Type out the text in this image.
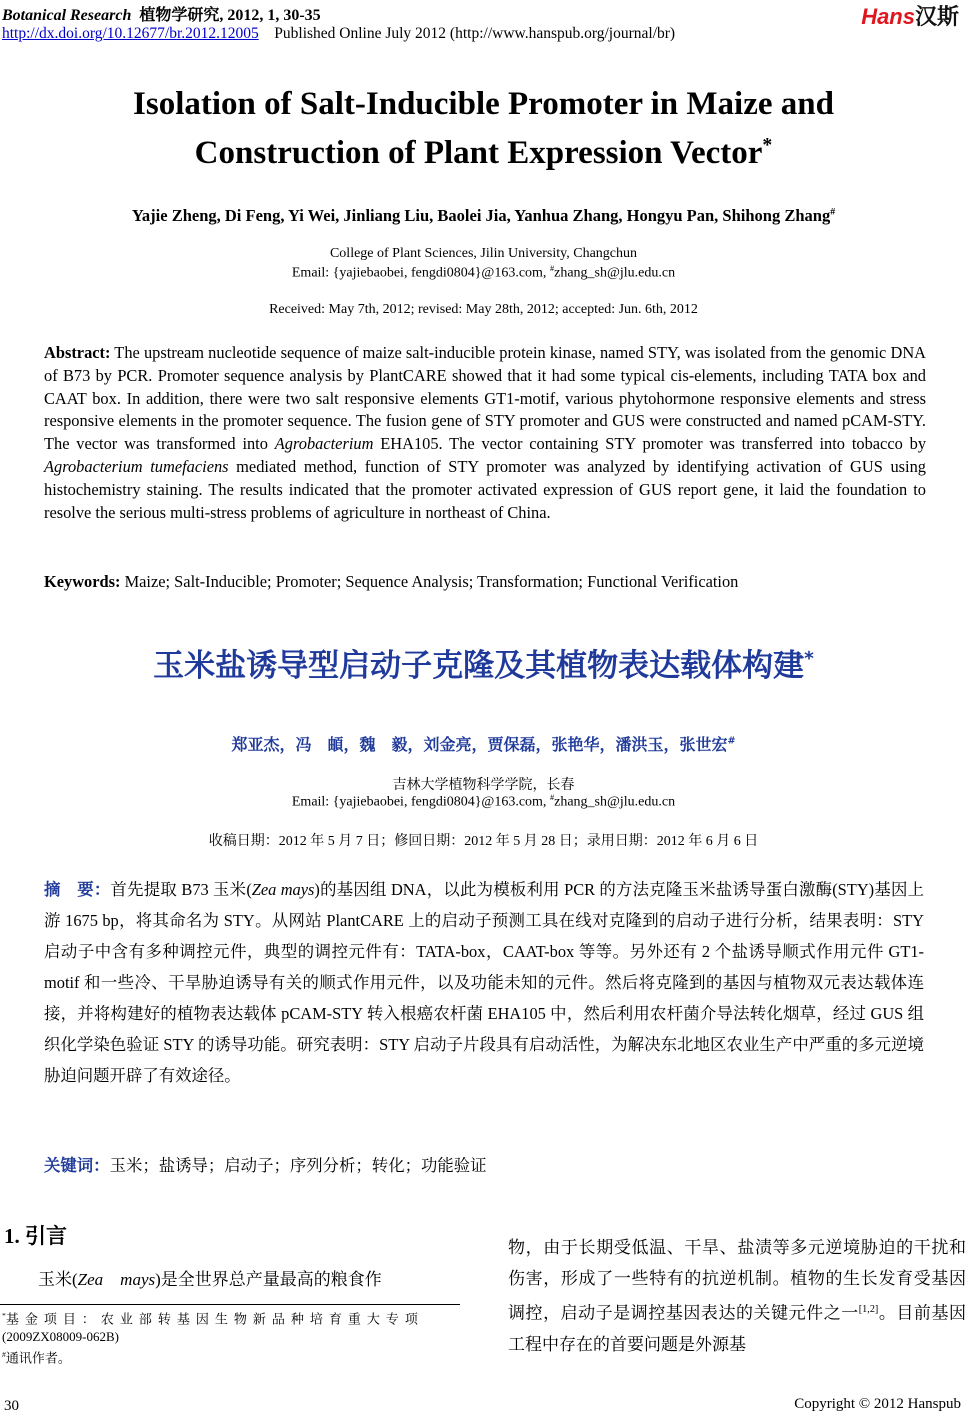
Botanical Research 植物学研究, 2012, 1, 30-35
http://dx.doi.org/10.12677/br.2012.12005 Published Online July 2012 (http://www.hanspub.org/journal/br)
Hans汉斯
Isolation of Salt-Inducible Promoter in Maize and
Construction of Plant Expression Vector*
Yajie Zheng, Di Feng, Yi Wei, Jinliang Liu, Baolei Jia, Yanhua Zhang, Hongyu Pan, Shihong Zhang#
College of Plant Sciences, Jilin University, Changchun
Email: {yajiebaobei, fengdi0804}@163.com, #zhang_sh@jlu.edu.cn
Received: May 7th, 2012; revised: May 28th, 2012; accepted: Jun. 6th, 2012
Abstract: The upstream nucleotide sequence of maize salt-inducible protein kinase, named STY, was isolated from the genomic DNA of B73 by PCR. Promoter sequence analysis by PlantCARE showed that it had some typical cis-elements, including TATA box and CAAT box. In addition, there were two salt responsive elements GT1-motif, various phytohormone responsive elements and stress responsive elements in the promoter sequence. The fusion gene of STY promoter and GUS were constructed and named pCAM-STY. The vector was transformed into Agrobacterium EHA105. The vector containing STY promoter was transferred into tobacco by Agrobacterium tumefaciens mediated method, function of STY promoter was analyzed by identifying activation of GUS using histochemistry staining. The results indicated that the promoter activated expression of GUS report gene, it laid the foundation to resolve the serious multi-stress problems of agriculture in northeast of China.
Keywords: Maize; Salt-Inducible; Promoter; Sequence Analysis; Transformation; Functional Verification
玉米盐诱导型启动子克隆及其植物表达载体构建*
郑亚杰，冯　頔，魏　毅，刘金亮，贾保磊，张艳华，潘洪玉，张世宏#
吉林大学植物科学学院，长春
Email: {yajiebaobei, fengdi0804}@163.com, #zhang_sh@jlu.edu.cn
收稿日期：2012 年 5 月 7 日；修回日期：2012 年 5 月 28 日；录用日期：2012 年 6 月 6 日
摘　要：首先提取 B73 玉米(Zea mays)的基因组 DNA，以此为模板利用 PCR 的方法克隆玉米盐诱导蛋白激酶(STY)基因上游 1675 bp，将其命名为 STY。从网站 PlantCARE 上的启动子预测工具在线对克隆到的启动子进行分析，结果表明：STY 启动子中含有多种调控元件，典型的调控元件有：TATA-box，CAAT-box 等等。另外还有 2 个盐诱导顺式作用元件 GT1-motif 和一些冷、干旱胁迫诱导有关的顺式作用元件，以及功能未知的元件。然后将克隆到的基因与植物双元表达载体连接，并将构建好的植物表达载体 pCAM-STY 转入根癌农杆菌 EHA105 中，然后利用农杆菌介导法转化烟草，经过 GUS 组织化学染色验证 STY 的诱导功能。研究表明：STY 启动子片段具有启动活性，为解决东北地区农业生产中严重的多元逆境胁迫问题开辟了有效途径。
关键词：玉米；盐诱导；启动子；序列分析；转化；功能验证
1. 引言
玉米(Zea　mays)是全世界总产量最高的粮食作
*基金项目：农业部转基因生物新品种培育重大专项
(2009ZX08009-062B)
#通讯作者。
物，由于长期受低温、干旱、盐渍等多元逆境胁迫的干扰和伤害，形成了一些特有的抗逆机制。植物的生长发育受基因调控，启动子是调控基因表达的关键元件之一[1,2]。目前基因工程中存在的首要问题是外源基
30	Copyright © 2012 Hanspub
